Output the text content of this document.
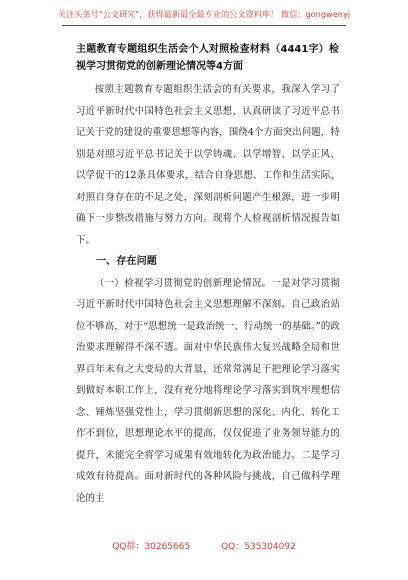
关注头条号"公文研究"，获得最新最全最专业的公文资料库！ 微信：gongwenyj
主题教育专题组织生活会个人对照检查材料（4441字）检视学习贯彻党的创新理论情况等4方面

按照主题教育专题组织生活会的有关要求，我深入学习了习近平新时代中国特色社会主义思想，认真研读了习近平总书记关于党的建设的重要思想等内容，围绕4个方面突出问题，特别是对照习近平总书记关于以学铸魂、以学增智、以学正风、以学促干的12条具体要求，结合自身思想、工作和生活实际，对照自身存在的不足之处，深刻剖析问题产生根源，进一步明确下一步整改措施与努力方向。现将个人检视剖析情况报告如下。

一、存在问题

（一）检视学习贯彻党的创新理论情况。一是对学习贯彻习近平新时代中国特色社会主义思想理解不深刻。自己政治站位不够高，对于“思想统一是政治统一、行动统一的基础。”的政治要求理解得不深不透。面对中华民族伟大复兴战略全局和世界百年未有之大变局的大背景，还常常满足于把理论学习落实到做好本职工作上，没有充分地将理论学习落实到筑牢理想信念、锤炼坚强党性上，学习贯彻新思想的深化、内化、转化工作不到位，思想理论水平的提高，仅仅促进了业务领导能力的提升，未能完全将学习成果有效地转化为政治能力。二是学习成效有待提高。面对新时代的各种风险与挑战，自己做科学理论的主

QQ群：30265665	QQ：535304092
